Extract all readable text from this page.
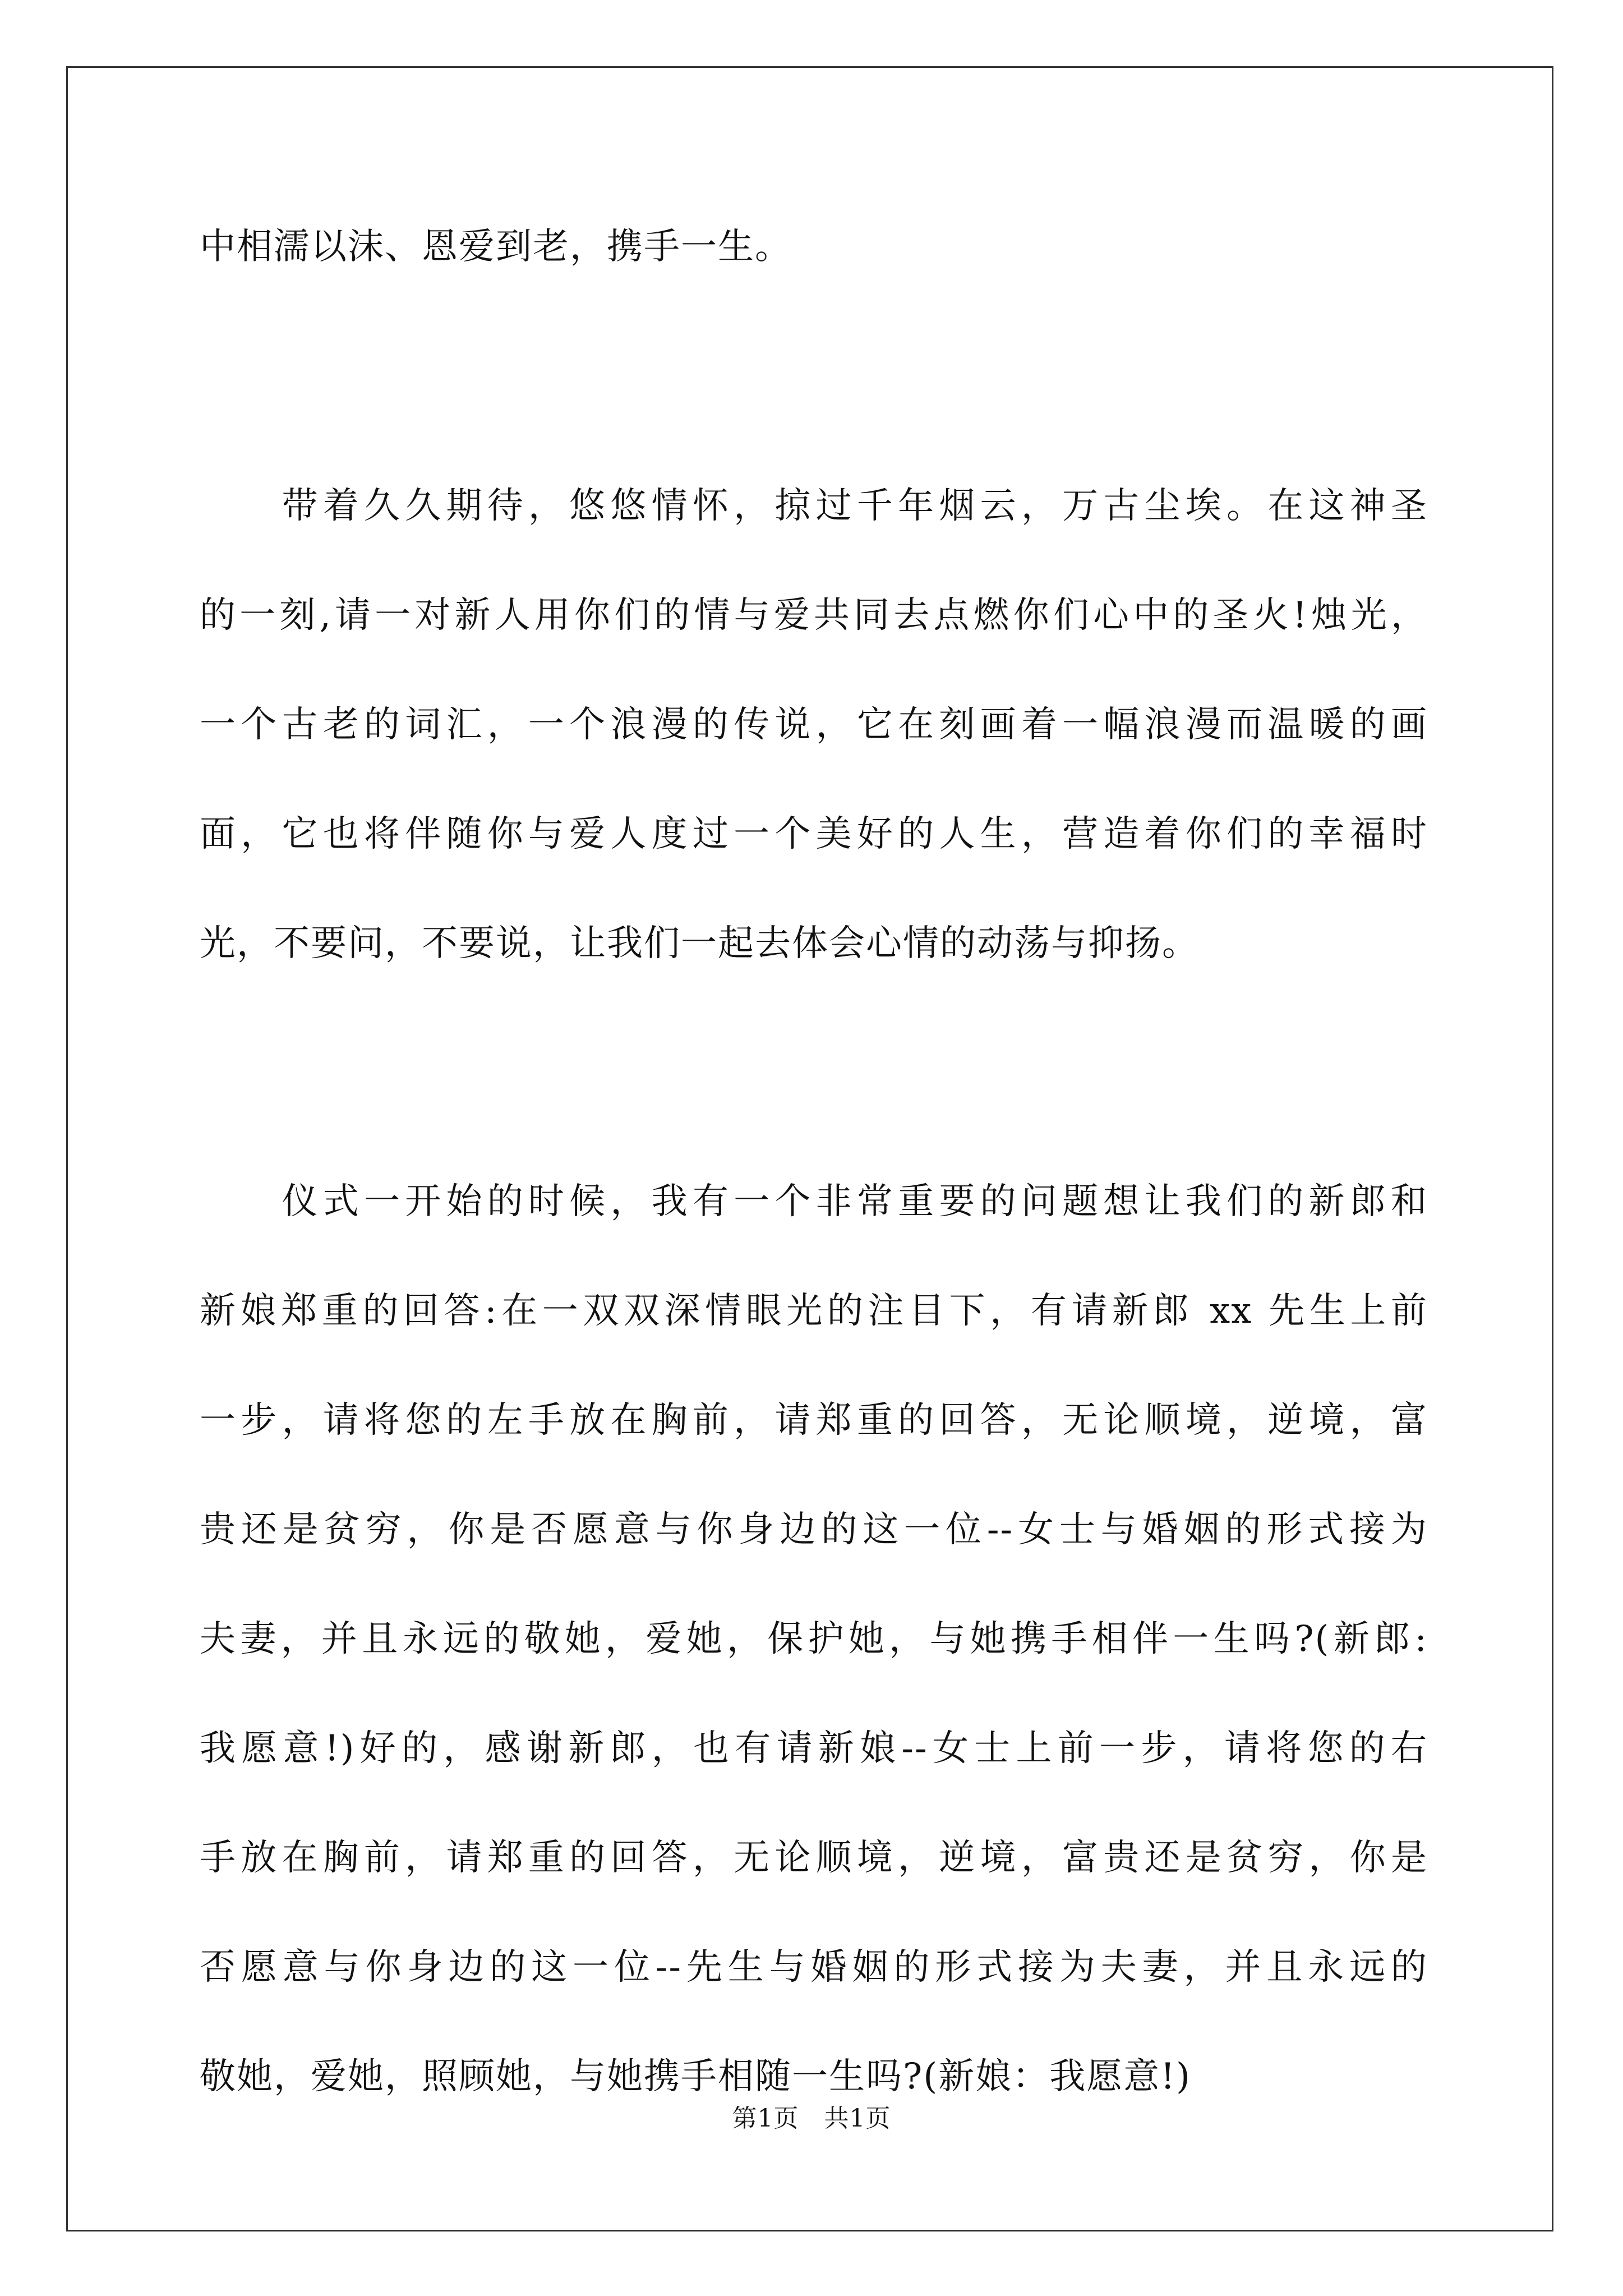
中相濡以沫、恩爱到老，携手一生。
　　带着久久期待，悠悠情怀，掠过千年烟云，万古尘埃。在这神圣
的一刻,请一对新人用你们的情与爱共同去点燃你们心中的圣火!烛光，
一个古老的词汇，一个浪漫的传说，它在刻画着一幅浪漫而温暖的画
面，它也将伴随你与爱人度过一个美好的人生，营造着你们的幸福时
光，不要问，不要说，让我们一起去体会心情的动荡与抑扬。
　　仪式一开始的时候，我有一个非常重要的问题想让我们的新郎和
新娘郑重的回答:在一双双深情眼光的注目下，有请新郎 xx 先生上前
一步，请将您的左手放在胸前，请郑重的回答，无论顺境，逆境，富
贵还是贫穷，你是否愿意与你身边的这一位--女士与婚姻的形式接为
夫妻，并且永远的敬她，爱她，保护她，与她携手相伴一生吗?(新郎:
我愿意!)好的，感谢新郎，也有请新娘--女士上前一步，请将您的右
手放在胸前，请郑重的回答，无论顺境，逆境，富贵还是贫穷，你是
否愿意与你身边的这一位--先生与婚姻的形式接为夫妻，并且永远的
敬她，爱她，照顾她，与她携手相随一生吗?(新娘：我愿意!)
第1页　共1页
